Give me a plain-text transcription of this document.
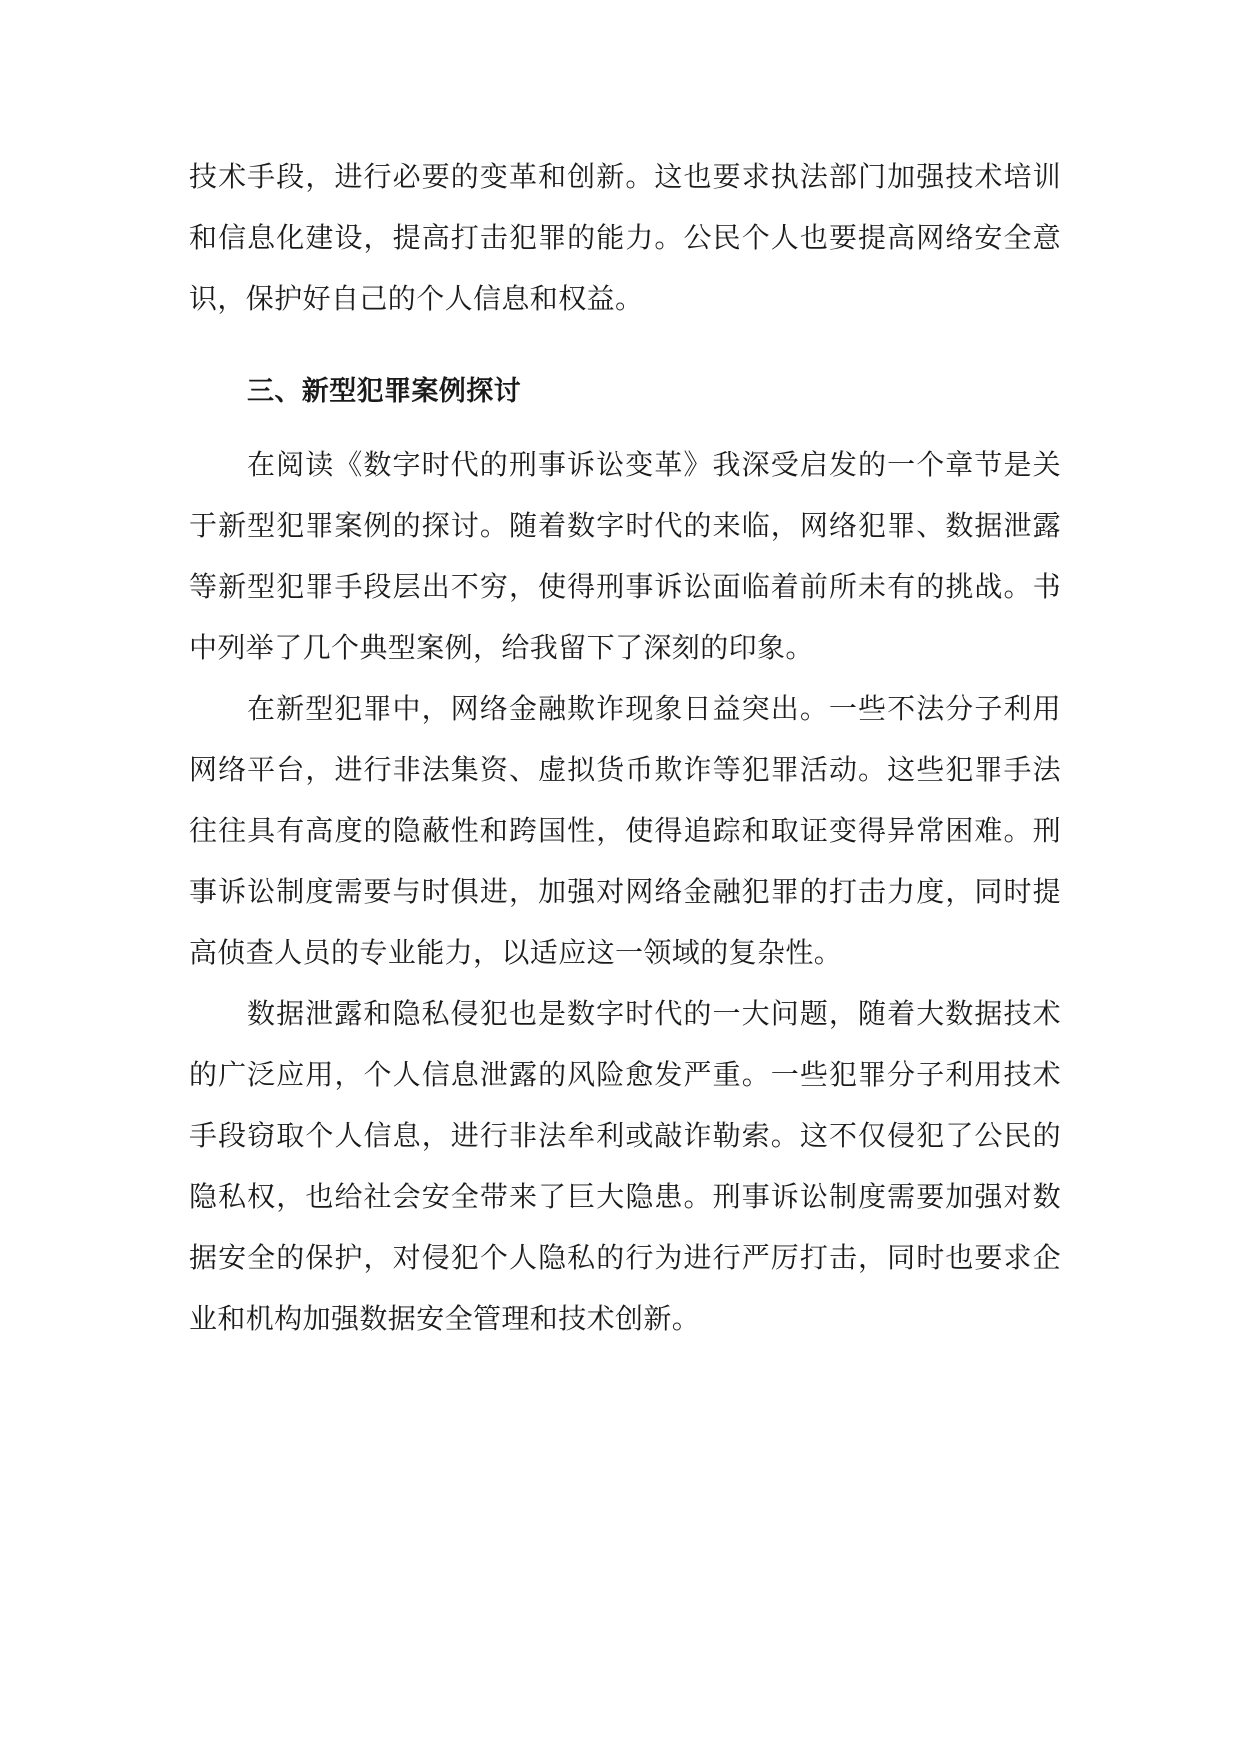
技术手段，进行必要的变革和创新。这也要求执法部门加强技术培训和信息化建设，提高打击犯罪的能力。公民个人也要提高网络安全意识，保护好自己的个人信息和权益。

三、新型犯罪案例探讨

在阅读《数字时代的刑事诉讼变革》我深受启发的一个章节是关于新型犯罪案例的探讨。随着数字时代的来临，网络犯罪、数据泄露等新型犯罪手段层出不穷，使得刑事诉讼面临着前所未有的挑战。书中列举了几个典型案例，给我留下了深刻的印象。

在新型犯罪中，网络金融欺诈现象日益突出。一些不法分子利用网络平台，进行非法集资、虚拟货币欺诈等犯罪活动。这些犯罪手法往往具有高度的隐蔽性和跨国性，使得追踪和取证变得异常困难。刑事诉讼制度需要与时俱进，加强对网络金融犯罪的打击力度，同时提高侦查人员的专业能力，以适应这一领域的复杂性。

数据泄露和隐私侵犯也是数字时代的一大问题，随着大数据技术的广泛应用，个人信息泄露的风险愈发严重。一些犯罪分子利用技术手段窃取个人信息，进行非法牟利或敲诈勒索。这不仅侵犯了公民的隐私权，也给社会安全带来了巨大隐患。刑事诉讼制度需要加强对数据安全的保护，对侵犯个人隐私的行为进行严厉打击，同时也要求企业和机构加强数据安全管理和技术创新。
